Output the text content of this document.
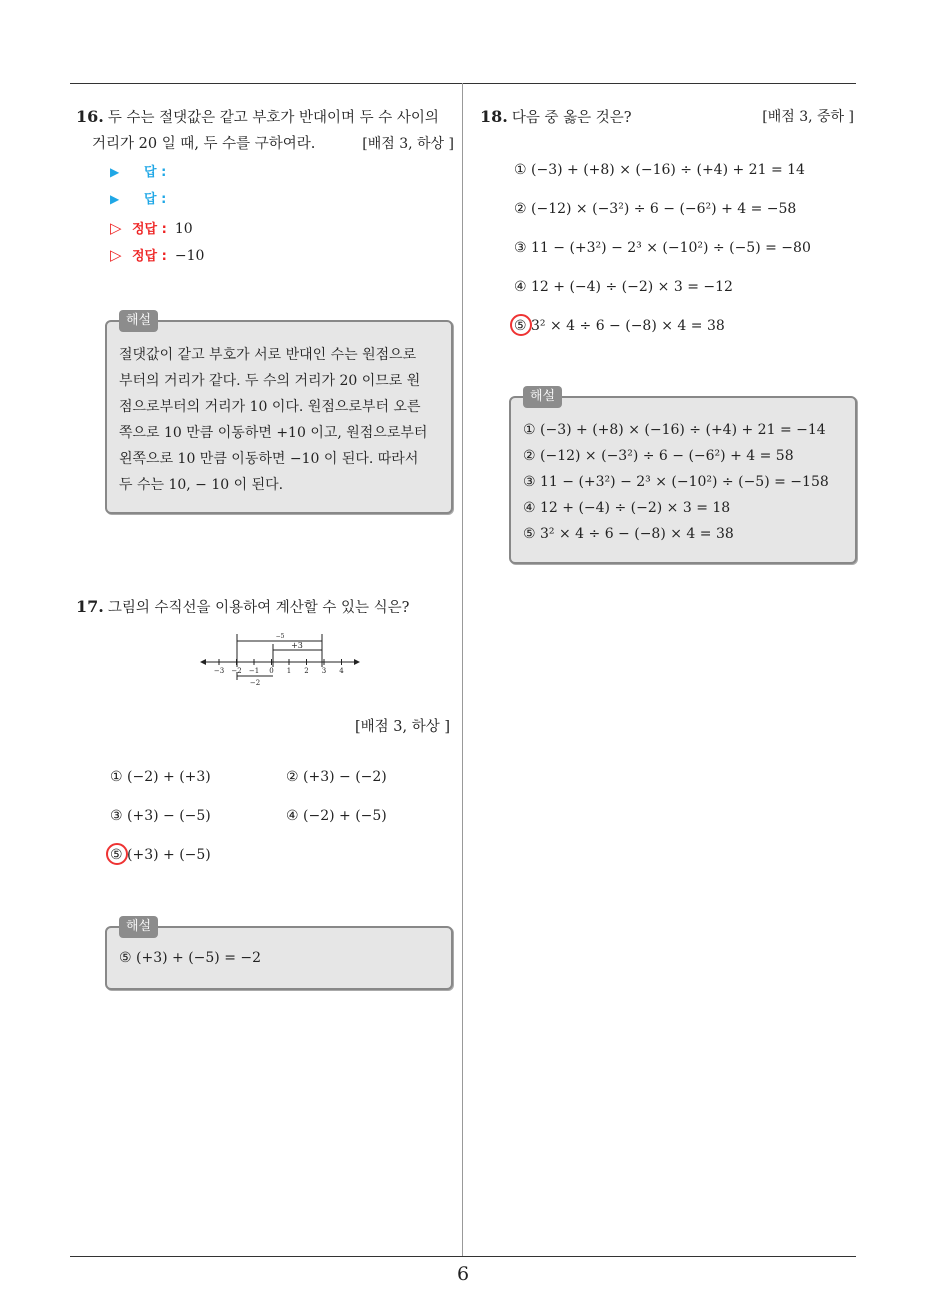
6
16. 두 수는 절댓값은 같고 부호가 반대이며 두 수 사이의
거리가 20 일 때, 두 수를 구하여라.	[배점 3, 하상 ]
▶ 답 :
▶ 답 :
▷ 정답 : 10
▷ 정답 : −10
해설
절댓값이 같고 부호가 서로 반대인 수는 원점으로
부터의 거리가 같다. 두 수의 거리가 20 이므로 원
점으로부터의 거리가 10 이다. 원점으로부터 오른
쪽으로 10 만큼 이동하면 +10 이고, 원점으로부터
왼쪽으로 10 만큼 이동하면 −10 이 된다. 따라서
두 수는 10, − 10 이 된다.
17. 그림의 수직선을 이용하여 계산할 수 있는 식은?
−5
+3
−3 −2 −1 0 1 2 3 4
−2
[배점 3, 하상 ]
① (−2) + (+3)	② (+3) − (−2)
③ (+3) − (−5)	④ (−2) + (−5)
⑤ (+3) + (−5)
해설
⑤ (+3) + (−5) = −2
18. 다음 중 옳은 것은?	[배점 3, 중하 ]
① (−3) + (+8) × (−16) ÷ (+4) + 21 = 14
② (−12) × (−3²) ÷ 6 − (−6²) + 4 = −58
③ 11 − (+3²) − 2³ × (−10²) ÷ (−5) = −80
④ 12 + (−4) ÷ (−2) × 3 = −12
⑤ 3² × 4 ÷ 6 − (−8) × 4 = 38
해설
① (−3) + (+8) × (−16) ÷ (+4) + 21 = −14
② (−12) × (−3²) ÷ 6 − (−6²) + 4 = 58
③ 11 − (+3²) − 2³ × (−10²) ÷ (−5) = −158
④ 12 + (−4) ÷ (−2) × 3 = 18
⑤ 3² × 4 ÷ 6 − (−8) × 4 = 38
